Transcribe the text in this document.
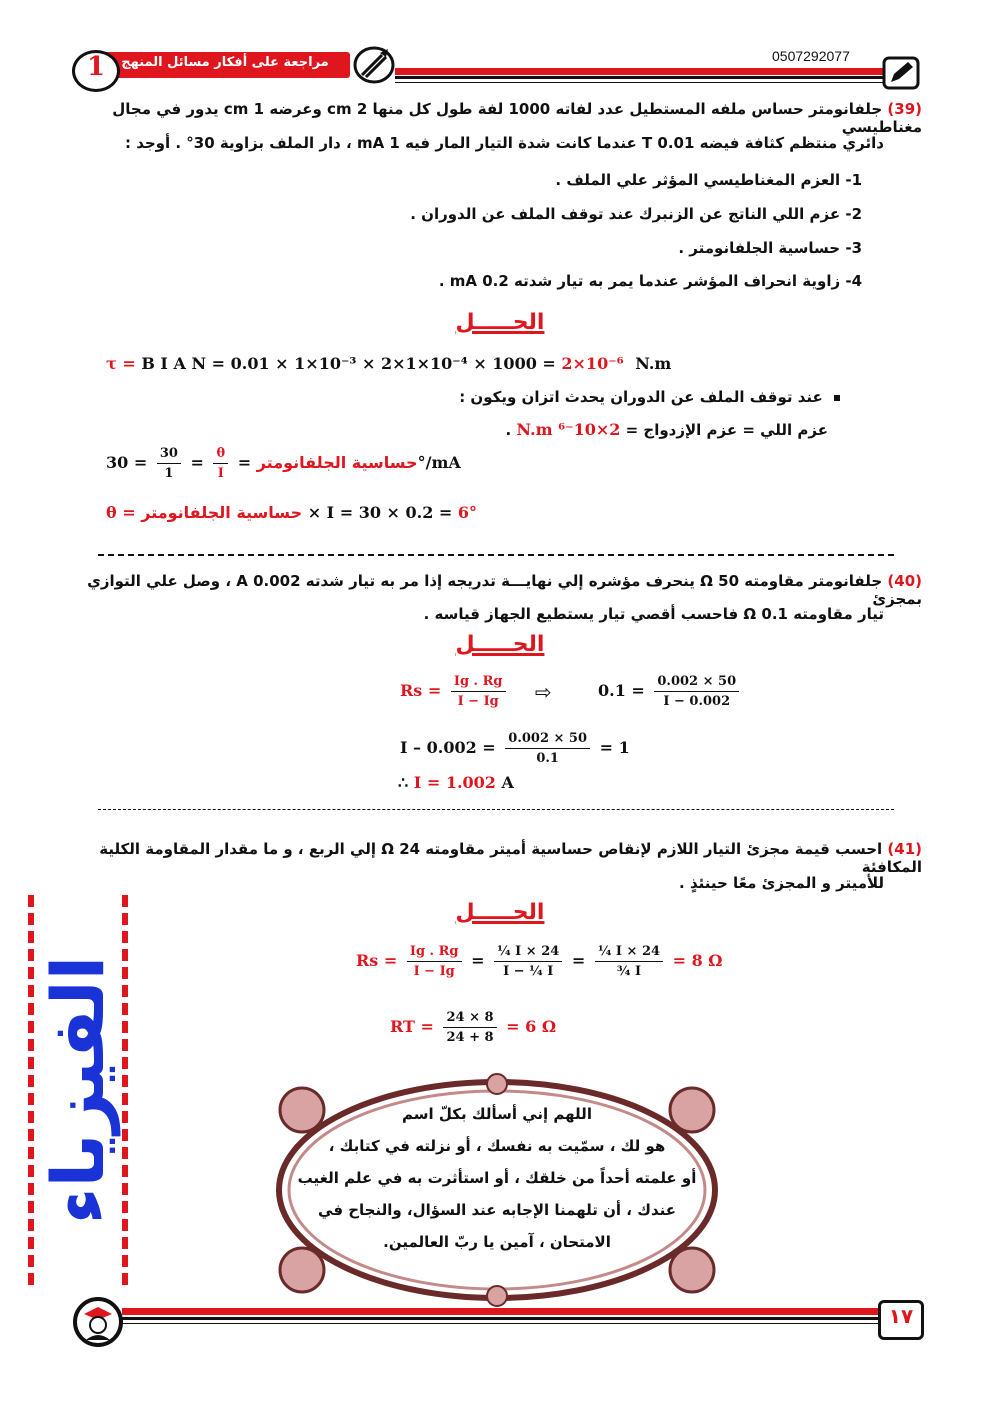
0507292077
مراجعة على أفكار مسائل المنهج
1
(39) جلفانومتر حساس ملفه المستطيل عدد لفاته 1000 لفة طول كل منها 2 cm وعرضه 1 cm يدور في مجال مغناطيسي
دائري منتظم كثافة فيضه 0.01 T عندما كانت شدة التيار المار فيه 1 mA ، دار الملف بزاوية 30° . أوجد :
1- العزم المغناطيسي المؤثر علي الملف .
2- عزم اللي الناتج عن الزنبرك عند توقف الملف عن الدوران .
3- حساسية الجلفانومتر .
4- زاوية انحراف المؤشر عندما يمر به تيار شدته 0.2 mA .
الحـــــل
τ = B I A N = 0.01 × 1×10⁻³ × 2×1×10⁻⁴ × 1000 = 2×10⁻⁶ N.m
عند توقف الملف عن الدوران يحدث اتزان ويكون :
عزم اللي = عزم الإزدواج = 2×10⁻⁶ N.m .
حساسية الجلفانومتر =
$\frac{\theta}{I}$
=
$\frac{30}{1}$
= 30°/mA
θ = حساسية الجلفانومتر × I = 30 × 0.2 = 6°
(40) جلفانومتر مقاومته 50 Ω ينحرف مؤشره إلي نهايـــة تدريجه إذا مر به تيار شدته 0.002 A ، وصل علي التوازي بمجزئ
تيار مقاومته 0.1 Ω فاحسب أقصي تيار يستطيع الجهاز قياسه .
الحـــــل
$Rs = \frac{Ig . Rg}{I - Ig}$ ⇨	$0.1 = \frac{0.002 \times 50}{I - 0.002}$
$I - 0.002 = \frac{0.002 \times 50}{0.1} = 1$
∴ I = 1.002 A
(41) احسب قيمة مجزئ التيار اللازم لإنقاص حساسية أميتر مقاومته 24 Ω إلي الربع ، و ما مقدار المقاومة الكلية المكافئة
للأميتر و المجزئ معًا حينئذٍ .
الحـــــل
$Rs = \frac{Ig . Rg}{I - Ig} = \frac{\text{¼ I × 24}}{\text{I − ¼ I}} = \frac{\text{¼ I × 24}}{\text{¾ I}} = 8$ Ω
RT = $\frac{24 \times 8}{24 + 8} = 6$ Ω
الفيزياء	اللهم إني أسألك بكلّ اسم
هو لك ، سمّيت به نفسك ، أو نزلته في كتابك ،
أو علمته أحداً من خلقك ، أو استأثرت به في علم الغيب
عندك ، أن تلهمنا الإجابه عند السؤال، والنجاح في
الامتحان ، آمين يا ربّ العالمين.
١٧
